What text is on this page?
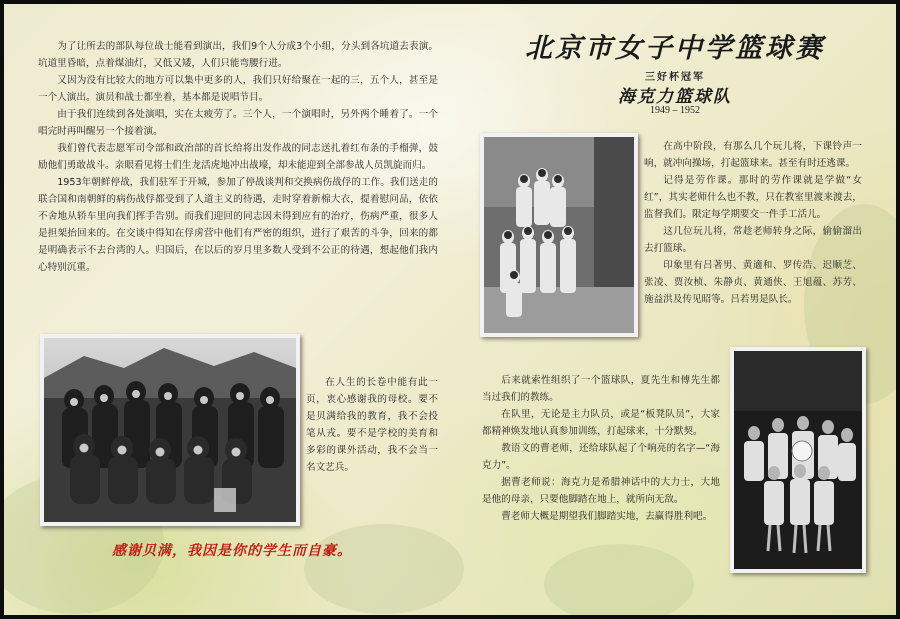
北京市女子中学篮球赛
三好杯冠军
海克力篮球队
1949 – 1952

为了让所去的部队每位战士能看到演出，我们9个人分成3个小组，分头到各坑道去表演。坑道里昏暗，点着煤油灯，又低又矮，人们只能弯腰行进。

又因为没有比较大的地方可以集中更多的人，我们只好给聚在一起的三，五个人，甚至是一个人演出。演员和战士都坐着，基本都是说唱节目。

由于我们连续到各处演唱，实在太疲劳了。三个人，一个演唱时，另外两个睡着了。一个唱完时再叫醒另一个接着演。

我们曾代表志愿军司令部和政治部的首长给将出发作战的同志送扎着红布条的手榴弹，鼓励他们勇敢战斗。亲眼看见将士们生龙活虎地冲出战壕，却未能迎到全部参战人员凯旋而归。

1953年朝鲜停战，我们驻军于开城，参加了停战谈判和交换病伤战俘的工作。我们送走的联合国和南朝鲜的病伤战俘都受到了人道主义的待遇，走时穿着新棉大衣，提着慰问品，依依不舍地从轿车里向我们挥手告别。而我们迎回的同志因未得到应有的治疗，伤病严重，很多人是担架抬回来的。在交谈中得知在俘虏营中他们有严密的组织，进行了艰苦的斗争，回来的都是明确表示不去台湾的人。归国后，在以后的岁月里多数人受到不公正的待遇，想起他们我内心特别沉重。

在人生的长卷中能有此一页，衷心感谢我的母校。要不是贝满给我的教育，我不会投笔从戎。要不是学校的美育和多彩的课外活动，我不会当一名文艺兵。

感谢贝满，我因是你的学生而自豪。

在高中阶段，有那么几个玩儿将，下课铃声一响，就冲向操场，打起篮球来。甚至有时还逃课。

记得是劳作课。那时的劳作课就是学做“女红”，其实老师什么也不教，只在教室里渡来渡去，监督我们。限定每学期要交一件手工活儿。

这几位玩儿将，常趁老师转身之际，偷偷溜出去打篮球。

印象里有吕著男、黄適和、罗传浩、迟顺芝、张凌、贾汝桢、朱静贞、黄通侠、王旭蕴、苏芳、施益洪及传见昭等。吕若男是队长。

后来就索性组织了一个篮球队，夏先生和傅先生都当过我们的教练。

在队里，无论是主力队员，或是“板凳队员”，大家都精神焕发地认真参加训练，打起球来，十分默契。

教语文的曹老师，还给球队起了个响亮的名字—“海克力”。

据曹老师说：海克力是希腊神话中的大力士，大地是他的母亲，只要他脚踏在地上，就所向无敌。

曹老师大概是期望我们脚踏实地，去赢得胜利吧。
